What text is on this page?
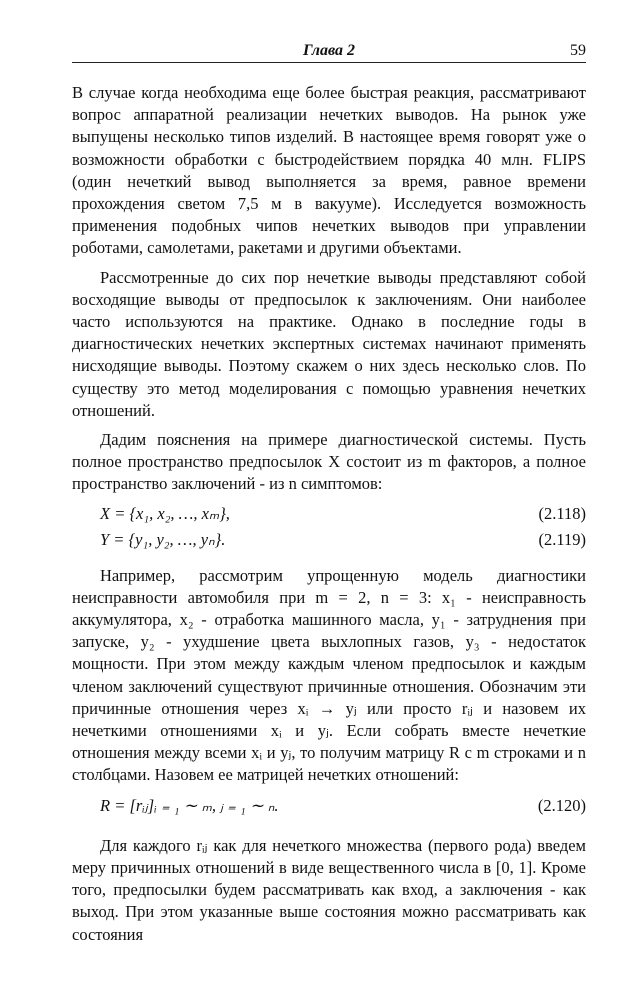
Глава 2	59

В случае когда необходима еще более быстрая реакция, рассматривают вопрос аппаратной реализации нечетких выводов. На рынок уже выпущены несколько типов изделий. В настоящее время говорят уже о возможности обработки с быстродействием порядка 40 млн. FLIPS (один нечеткий вывод выполняется за время, равное времени прохождения светом 7,5 м в вакууме). Исследуется возможность применения подобных чипов нечетких выводов при управлении роботами, самолетами, ракетами и другими объектами.

Рассмотренные до сих пор нечеткие выводы представляют собой восходящие выводы от предпосылок к заключениям. Они наиболее часто используются на практике. Однако в последние годы в диагностических нечетких экспертных системах начинают применять нисходящие выводы. Поэтому скажем о них здесь несколько слов. По существу это метод моделирования с помощью уравнения нечетких отношений.

Дадим пояснения на примере диагностической системы. Пусть полное пространство предпосылок X состоит из m факторов, а полное пространство заключений - из n симптомов:

X = {x₁, x₂, …, xₘ},	(2.118)
Y = {y₁, y₂, …, yₙ}.	(2.119)

Например, рассмотрим упрощенную модель диагностики неисправности автомобиля при m = 2, n = 3: x₁ - неисправность аккумулятора, x₂ - отработка машинного масла, y₁ - затруднения при запуске, y₂ - ухудшение цвета выхлопных газов, y₃ - недостаток мощности. При этом между каждым членом предпосылок и каждым членом заключений существуют причинные отношения. Обозначим эти причинные отношения через xᵢ → yⱼ или просто rᵢⱼ и назовем их нечеткими отношениями xᵢ и yⱼ. Если собрать вместе нечеткие отношения между всеми xᵢ и yⱼ, то получим матрицу R с m строками и n столбцами. Назовем ее матрицей нечетких отношений:

R = [rᵢⱼ]ᵢ ₌ ₁ ∼ ₘ, ⱼ ₌ ₁ ∼ ₙ.	(2.120)

Для каждого rᵢⱼ как для нечеткого множества (первого рода) введем меру причинных отношений в виде вещественного числа в [0, 1]. Кроме того, предпосылки будем рассматривать как вход, а заключения - как выход. При этом указанные выше состояния можно рассматривать как состояния
